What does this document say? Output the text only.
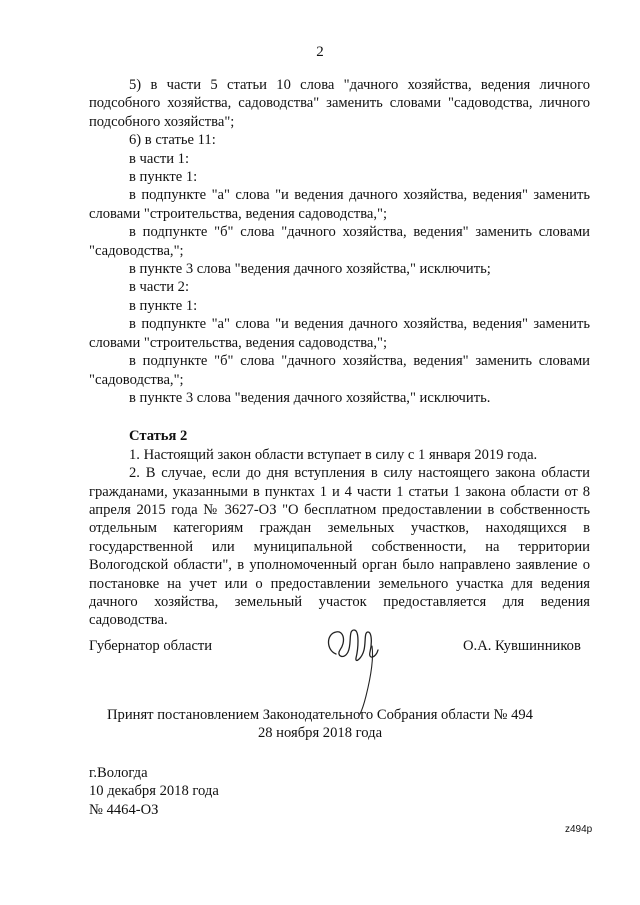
2

5) в части 5 статьи 10 слова "дачного хозяйства, ведения личного подсобного хозяйства, садоводства" заменить словами "садоводства, личного подсобного хозяйства";

6) в статье 11:

в части 1:

в пункте 1:

в подпункте "а" слова "и ведения дачного хозяйства, ведения" заменить словами "строительства, ведения садоводства,";

в подпункте "б" слова "дачного хозяйства, ведения" заменить словами "садоводства,";

в пункте 3 слова "ведения дачного хозяйства," исключить;

в части 2:

в пункте 1:

в подпункте "а" слова "и ведения дачного хозяйства, ведения" заменить словами "строительства, ведения садоводства,";

в подпункте "б" слова "дачного хозяйства, ведения" заменить словами "садоводства,";

в пункте 3 слова "ведения дачного хозяйства," исключить.

Статья 2

1. Настоящий закон области вступает в силу с 1 января 2019 года.

2. В случае, если до дня вступления в силу настоящего закона области гражданами, указанными в пунктах 1 и 4 части 1 статьи 1 закона области от 8 апреля 2015 года № 3627-ОЗ "О бесплатном предоставлении в собственность отдельным категориям граждан земельных участков, находящихся в государственной или муниципальной собственности, на территории Вологодской области", в уполномоченный орган было направлено заявление о постановке на учет или о предоставлении земельного участка для ведения дачного хозяйства, земельный участок предоставляется для ведения садоводства.

Губернатор области	О.А. Кувшинников
Принят постановлением Законодательного Собрания области № 494
28 ноября 2018 года
г.Вологда
10 декабря 2018 года
№ 4464-ОЗ
z494p
